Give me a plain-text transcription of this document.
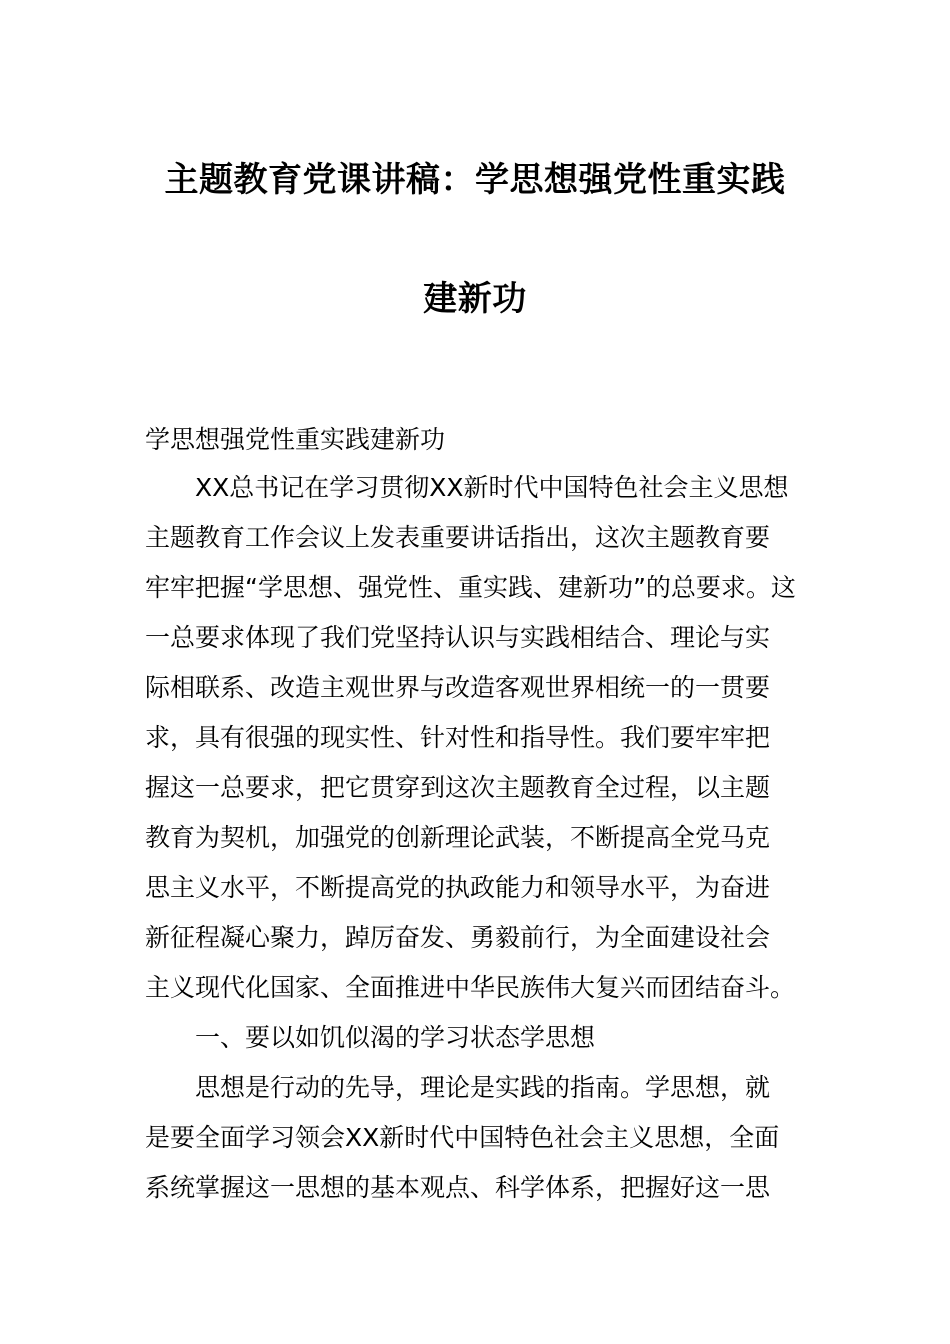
主题教育党课讲稿：学思想强党性重实践
建新功
学思想强党性重实践建新功
XX总书记在学习贯彻XX新时代中国特色社会主义思想
主题教育工作会议上发表重要讲话指出，这次主题教育要
牢牢把握“学思想、强党性、重实践、建新功”的总要求。这
一总要求体现了我们党坚持认识与实践相结合、理论与实
际相联系、改造主观世界与改造客观世界相统一的一贯要
求，具有很强的现实性、针对性和指导性。我们要牢牢把
握这一总要求，把它贯穿到这次主题教育全过程，以主题
教育为契机，加强党的创新理论武装，不断提高全党马克
思主义水平，不断提高党的执政能力和领导水平，为奋进
新征程凝心聚力，踔厉奋发、勇毅前行，为全面建设社会
主义现代化国家、全面推进中华民族伟大复兴而团结奋斗。
一、要以如饥似渴的学习状态学思想
思想是行动的先导，理论是实践的指南。学思想，就
是要全面学习领会XX新时代中国特色社会主义思想，全面
系统掌握这一思想的基本观点、科学体系，把握好这一思
